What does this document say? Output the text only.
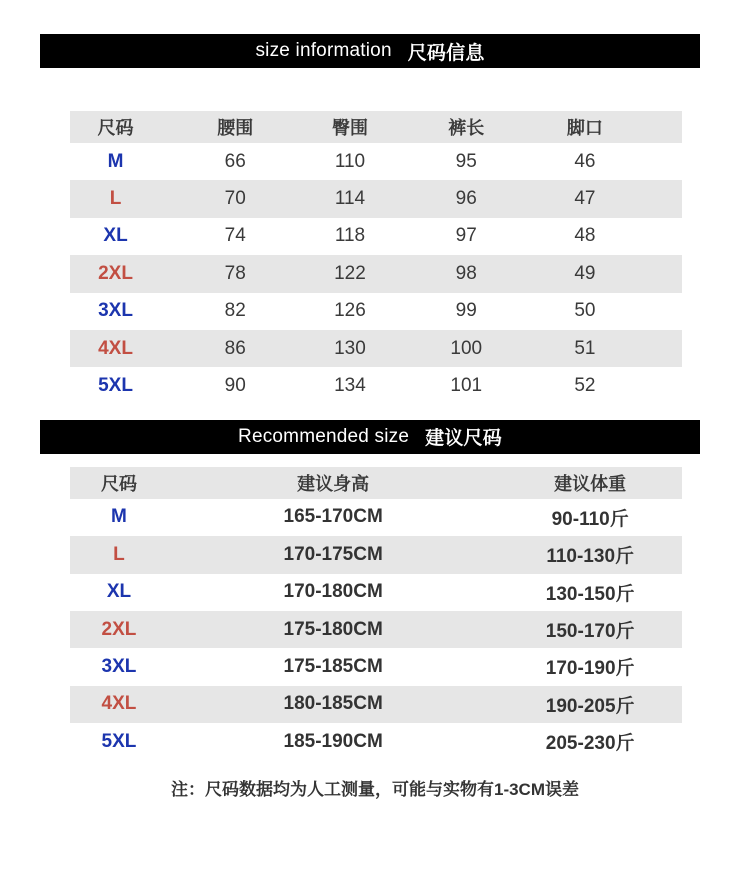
size information 尺码信息
尺码	腰围	臀围	裤长	脚口
M	66	110	95	46
L	70	114	96	47
XL	74	118	97	48
2XL	78	122	98	49
3XL	82	126	99	50
4XL	86	130	100	51
5XL	90	134	101	52
Recommended size 建议尺码
尺码	建议身高	建议体重
M	165-170CM	90-110斤
L	170-175CM	110-130斤
XL	170-180CM	130-150斤
2XL	175-180CM	150-170斤
3XL	175-185CM	170-190斤
4XL	180-185CM	190-205斤
5XL	185-190CM	205-230斤
注：尺码数据均为人工测量，可能与实物有1-3CM误差
